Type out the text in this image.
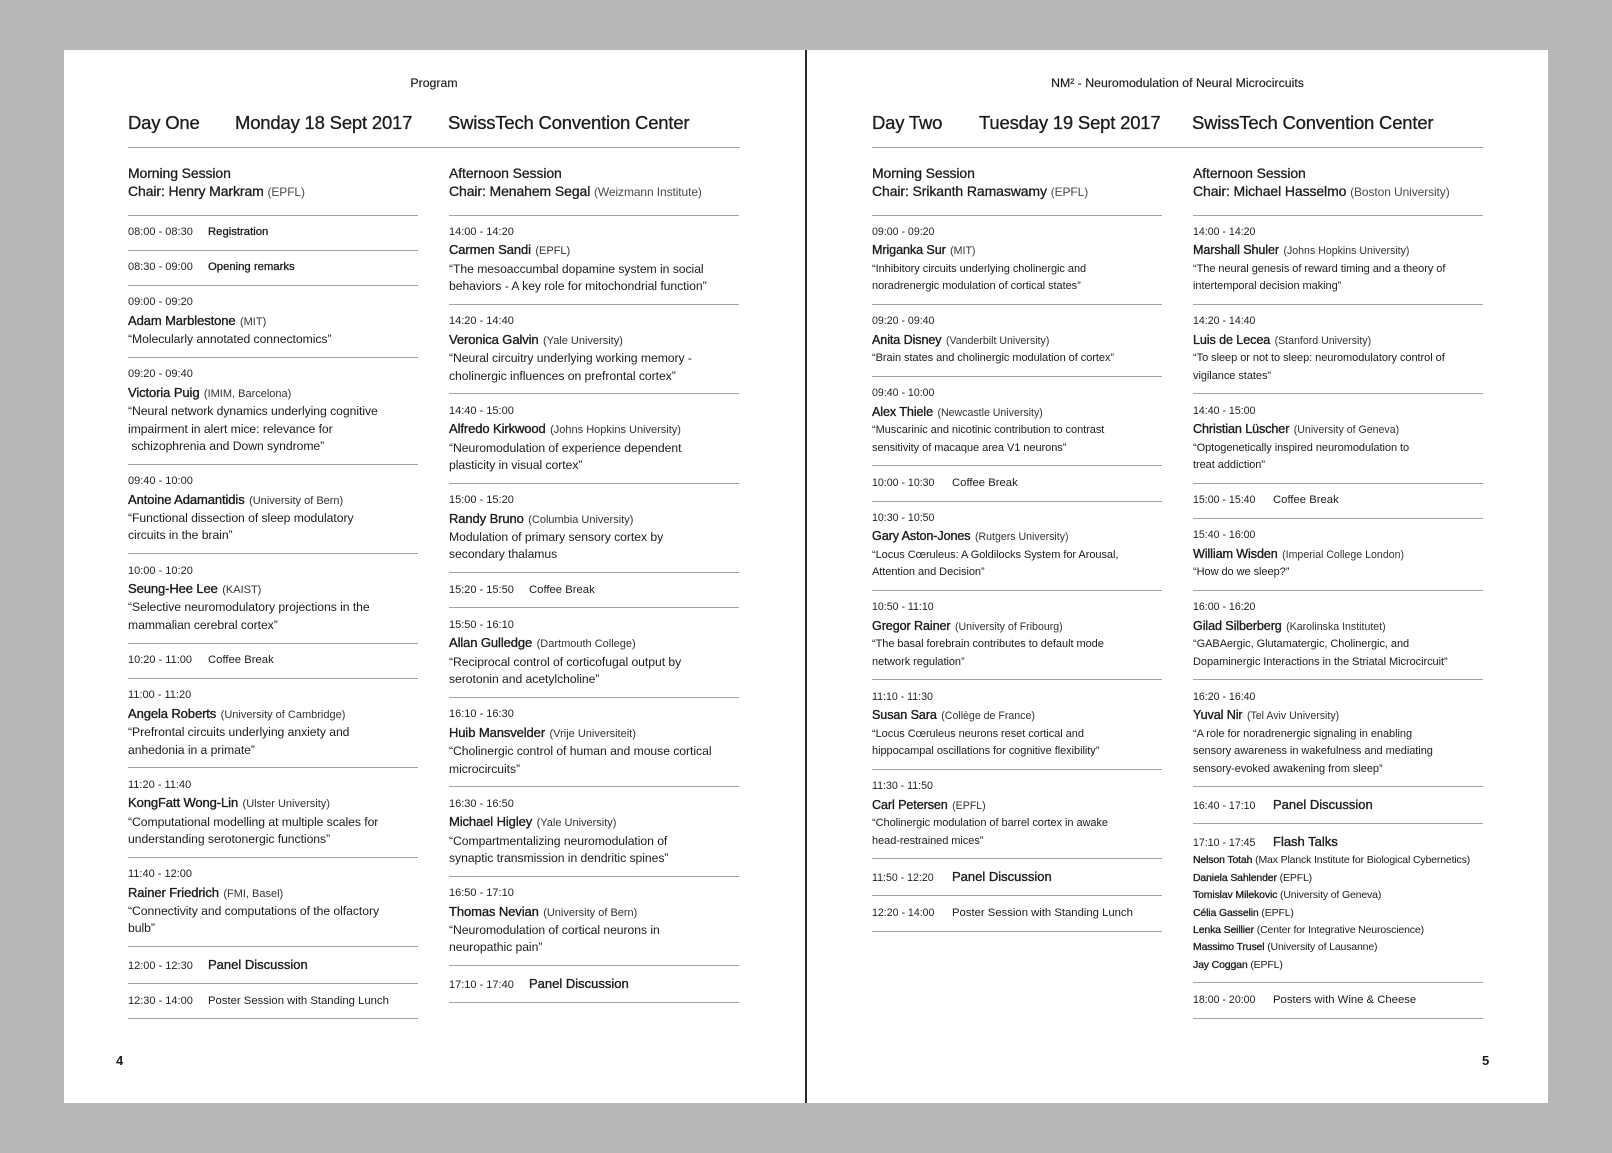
Program
Day One Monday 18 Sept 2017 SwissTech Convention Center
Morning Session
Chair: Henry Markram (EPFL)
08:00 - 08:30	Registration
08:30 - 09:00	Opening remarks
09:00 - 09:20
Adam Marblestone (MIT)
“Molecularly annotated connectomics”
09:20 - 09:40
Victoria Puig (IMIM, Barcelona)
“Neural network dynamics underlying cognitive
impairment in alert mice: relevance for
schizophrenia and Down syndrome”
09:40 - 10:00
Antoine Adamantidis (University of Bern)
“Functional dissection of sleep modulatory
circuits in the brain”
10:00 - 10:20
Seung-Hee Lee (KAIST)
“Selective neuromodulatory projections in the
mammalian cerebral cortex”
10:20 - 11:00	Coffee Break
11:00 - 11:20
Angela Roberts (University of Cambridge)
“Prefrontal circuits underlying anxiety and
anhedonia in a primate”
11:20 - 11:40
KongFatt Wong-Lin (Ulster University)
“Computational modelling at multiple scales for
understanding serotonergic functions”
11:40 - 12:00
Rainer Friedrich (FMI, Basel)
“Connectivity and computations of the olfactory
bulb”
12:00 - 12:30	Panel Discussion
12:30 - 14:00	Poster Session with Standing Lunch
Afternoon Session
Chair: Menahem Segal (Weizmann Institute)
14:00 - 14:20
Carmen Sandi (EPFL)
“The mesoaccumbal dopamine system in social
behaviors - A key role for mitochondrial function”
14:20 - 14:40
Veronica Galvin (Yale University)
“Neural circuitry underlying working memory -
cholinergic influences on prefrontal cortex”
14:40 - 15:00
Alfredo Kirkwood (Johns Hopkins University)
“Neuromodulation of experience dependent
plasticity in visual cortex”
15:00 - 15:20
Randy Bruno (Columbia University)
Modulation of primary sensory cortex by
secondary thalamus
15:20 - 15:50	Coffee Break
15:50 - 16:10
Allan Gulledge (Dartmouth College)
“Reciprocal control of corticofugal output by
serotonin and acetylcholine”
16:10 - 16:30
Huib Mansvelder (Vrije Universiteit)
“Cholinergic control of human and mouse cortical
microcircuits”
16:30 - 16:50
Michael Higley (Yale University)
“Compartmentalizing neuromodulation of
synaptic transmission in dendritic spines”
16:50 - 17:10
Thomas Nevian (University of Bern)
“Neuromodulation of cortical neurons in
neuropathic pain”
17:10 - 17:40	Panel Discussion
4
NM² - Neuromodulation of Neural Microcircuits
Day Two Tuesday 19 Sept 2017 SwissTech Convention Center
Morning Session
Chair: Srikanth Ramaswamy (EPFL)
09:00 - 09:20
Mriganka Sur (MIT)
“Inhibitory circuits underlying cholinergic and
noradrenergic modulation of cortical states”
09:20 - 09:40
Anita Disney (Vanderbilt University)
“Brain states and cholinergic modulation of cortex”
09:40 - 10:00
Alex Thiele (Newcastle University)
“Muscarinic and nicotinic contribution to contrast
sensitivity of macaque area V1 neurons”
10:00 - 10:30	Coffee Break
10:30 - 10:50
Gary Aston-Jones (Rutgers University)
“Locus Cœruleus: A Goldilocks System for Arousal,
Attention and Decision”
10:50 - 11:10
Gregor Rainer (University of Fribourg)
“The basal forebrain contributes to default mode
network regulation”
11:10 - 11:30
Susan Sara (Collège de France)
“Locus Cœruleus neurons reset cortical and
hippocampal oscillations for cognitive flexibility”
11:30 - 11:50
Carl Petersen (EPFL)
“Cholinergic modulation of barrel cortex in awake
head-restrained mices”
11:50 - 12:20	Panel Discussion
12:20 - 14:00	Poster Session with Standing Lunch
Afternoon Session
Chair: Michael Hasselmo (Boston University)
14:00 - 14:20
Marshall Shuler (Johns Hopkins University)
“The neural genesis of reward timing and a theory of
intertemporal decision making”
14:20 - 14:40
Luis de Lecea (Stanford University)
“To sleep or not to sleep: neuromodulatory control of
vigilance states”
14:40 - 15:00
Christian Lüscher (University of Geneva)
“Optogenetically inspired neuromodulation to
treat addiction”
15:00 - 15:40	Coffee Break
15:40 - 16:00
William Wisden (Imperial College London)
“How do we sleep?”
16:00 - 16:20
Gilad Silberberg (Karolinska Institutet)
“GABAergic, Glutamatergic, Cholinergic, and
Dopaminergic Interactions in the Striatal Microcircuit”
16:20 - 16:40
Yuval Nir (Tel Aviv University)
“A role for noradrenergic signaling in enabling
sensory awareness in wakefulness and mediating
sensory-evoked awakening from sleep”
16:40 - 17:10	Panel Discussion
17:10 - 17:45	Flash Talks
Nelson Totah (Max Planck Institute for Biological Cybernetics)
Daniela Sahlender (EPFL)
Tomislav Milekovic (University of Geneva)
Célia Gasselin (EPFL)
Lenka Seillier (Center for Integrative Neuroscience)
Massimo Trusel (University of Lausanne)
Jay Coggan (EPFL)
18:00 - 20:00	Posters with Wine & Cheese
5
